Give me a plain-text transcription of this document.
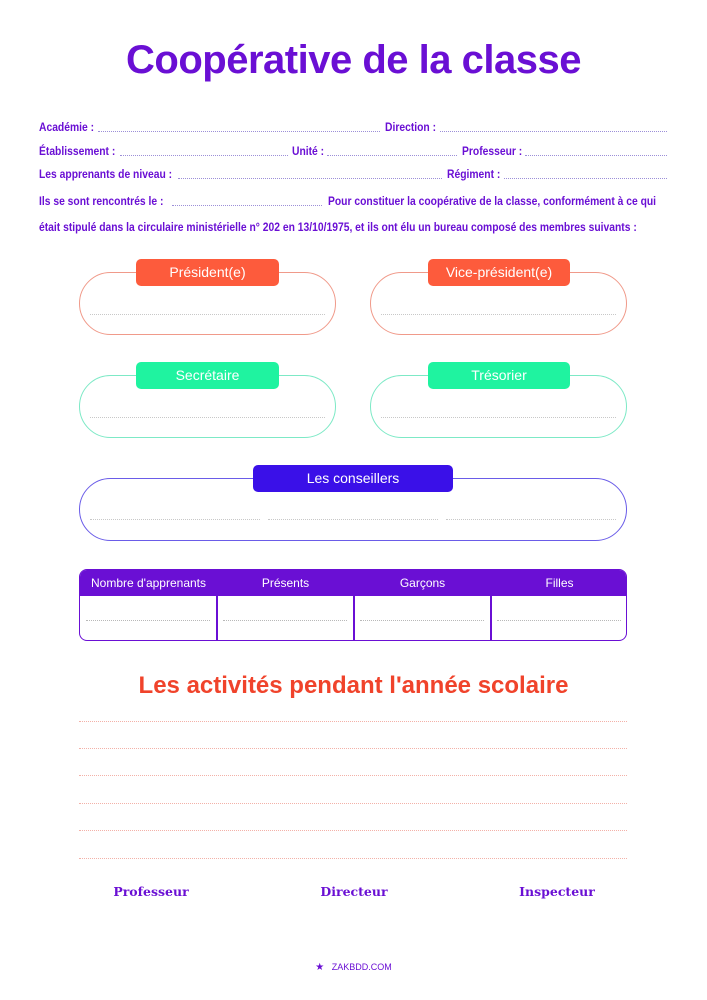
Coopérative de la classe
Académie :	Direction :
Établissement :	Unité :	Professeur :
Les apprenants de niveau :	Régiment :
Ils se sont rencontrés le :	Pour constituer la coopérative de la classe, conformément à ce qui
était stipulé dans la circulaire ministérielle n° 202 en 13/10/1975, et ils ont élu un bureau composé des membres suivants :
Président(e)	Vice-président(e)
Secrétaire	Trésorier
Les conseillers
Nombre d'apprenants	Présents	Garçons	Filles
Les activités pendant l'année scolaire
Professeur	Directeur	Inspecteur
★ ZAKBDD.COM
